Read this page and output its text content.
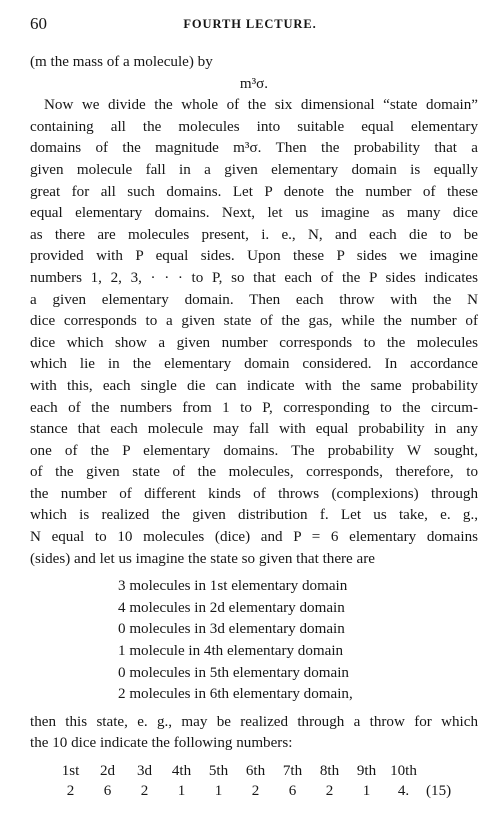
60	FOURTH LECTURE.
(m the mass of a molecule) by
m³σ.
Now we divide the whole of the six dimensional “state domain”
containing all the molecules into suitable equal elementary
domains of the magnitude m³σ. Then the probability that a
given molecule fall in a given elementary domain is equally
great for all such domains. Let P denote the number of these
equal elementary domains. Next, let us imagine as many dice
as there are molecules present, i. e., N, and each die to be
provided with P equal sides. Upon these P sides we imagine
numbers 1, 2, 3, · · · to P, so that each of the P sides indicates
a given elementary domain. Then each throw with the N
dice corresponds to a given state of the gas, while the number of
dice which show a given number corresponds to the molecules
which lie in the elementary domain considered. In accordance
with this, each single die can indicate with the same probability
each of the numbers from 1 to P, corresponding to the circum-
stance that each molecule may fall with equal probability in any
one of the P elementary domains. The probability W sought,
of the given state of the molecules, corresponds, therefore, to
the number of different kinds of throws (complexions) through
which is realized the given distribution f. Let us take, e. g.,
N equal to 10 molecules (dice) and P = 6 elementary domains
(sides) and let us imagine the state so given that there are
3 molecules in 1st elementary domain
4 molecules in 2d elementary domain
0 molecules in 3d elementary domain
1 molecule in 4th elementary domain
0 molecules in 5th elementary domain
2 molecules in 6th elementary domain,
then this state, e. g., may be realized through a throw for which
the 10 dice indicate the following numbers:
1st	2d	3d	4th	5th	6th	7th	8th	9th	10th	
2	6	2	1	1	2	6	2	1	4.	(15)
